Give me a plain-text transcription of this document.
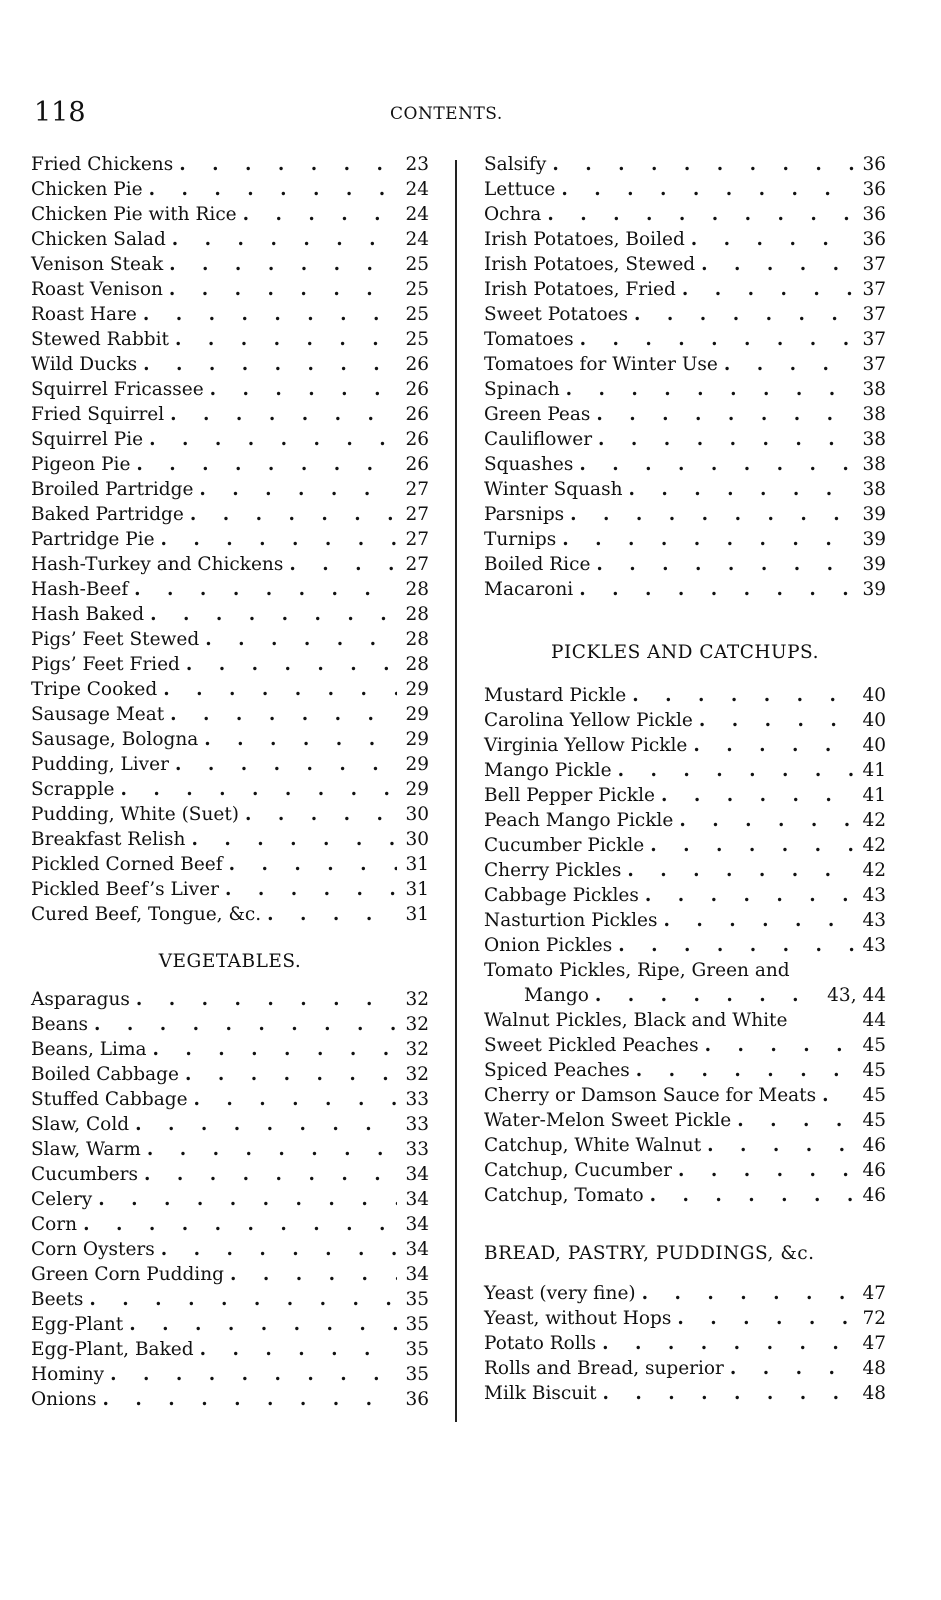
118	CONTENTS.
Fried Chickens . . .	23
Chicken Pie . . .	24
Chicken Pie with Rice . . .	24
Chicken Salad . . .	24
Venison Steak . . .	25
Roast Venison . . .	25
Roast Hare . . .	25
Stewed Rabbit . . .	25
Wild Ducks . . .	26
Squirrel Fricassee . . .	26
Fried Squirrel . . .	26
Squirrel Pie . . .	26
Pigeon Pie . . .	26
Broiled Partridge . . .	27
Baked Partridge . . .	27
Partridge Pie . . .	27
Hash-Turkey and Chickens . . .	27
Hash-Beef . . .	28
Hash Baked . . .	28
Pigs’ Feet Stewed . . .	28
Pigs’ Feet Fried . . .	28
Tripe Cooked . . .	29
Sausage Meat . . .	29
Sausage, Bologna . . .	29
Pudding, Liver . . .	29
Scrapple . . .	29
Pudding, White (Suet) . . .	30
Breakfast Relish . . .	30
Pickled Corned Beef . . .	31
Pickled Beef’s Liver . . .	31
Cured Beef, Tongue, &c. . . .	31
VEGETABLES.
Asparagus . . .	32
Beans . . .	32
Beans, Lima . . .	32
Boiled Cabbage . . .	32
Stuffed Cabbage . . .	33
Slaw, Cold . . .	33
Slaw, Warm . . .	33
Cucumbers . . .	34
Celery . . .	34
Corn . . .	34
Corn Oysters . . .	34
Green Corn Pudding . . .	34
Beets . . .	35
Egg-Plant . . .	35
Egg-Plant, Baked . . .	35
Hominy . . .	35
Onions . . .	36
Salsify . . .	36
Lettuce . . .	36
Ochra . . .	36
Irish Potatoes, Boiled . . .	36
Irish Potatoes, Stewed . . .	37
Irish Potatoes, Fried . . .	37
Sweet Potatoes . . .	37
Tomatoes . . .	37
Tomatoes for Winter Use . . .	37
Spinach . . .	38
Green Peas . . .	38
Cauliflower . . .	38
Squashes . . .	38
Winter Squash . . .	38
Parsnips . . .	39
Turnips . . .	39
Boiled Rice . . .	39
Macaroni . . .	39
PICKLES AND CATCHUPS.
Mustard Pickle . . .	40
Carolina Yellow Pickle . . .	40
Virginia Yellow Pickle . . .	40
Mango Pickle . . .	41
Bell Pepper Pickle . . .	41
Peach Mango Pickle . . .	42
Cucumber Pickle . . .	42
Cherry Pickles . . .	42
Cabbage Pickles . . .	43
Nasturtion Pickles . . .	43
Onion Pickles . . .	43
Tomato Pickles, Ripe, Green and
Mango . . .	43, 44
Walnut Pickles, Black and White	44
Sweet Pickled Peaches . . .	45
Spiced Peaches . . .	45
Cherry or Damson Sauce for Meats . . .	45
Water-Melon Sweet Pickle . . .	45
Catchup, White Walnut . . .	46
Catchup, Cucumber . . .	46
Catchup, Tomato . . .	46
BREAD, PASTRY, PUDDINGS, &c.
Yeast (very fine) . . .	47
Yeast, without Hops . . .	72
Potato Rolls . . .	47
Rolls and Bread, superior . . .	48
Milk Biscuit . . .	48
